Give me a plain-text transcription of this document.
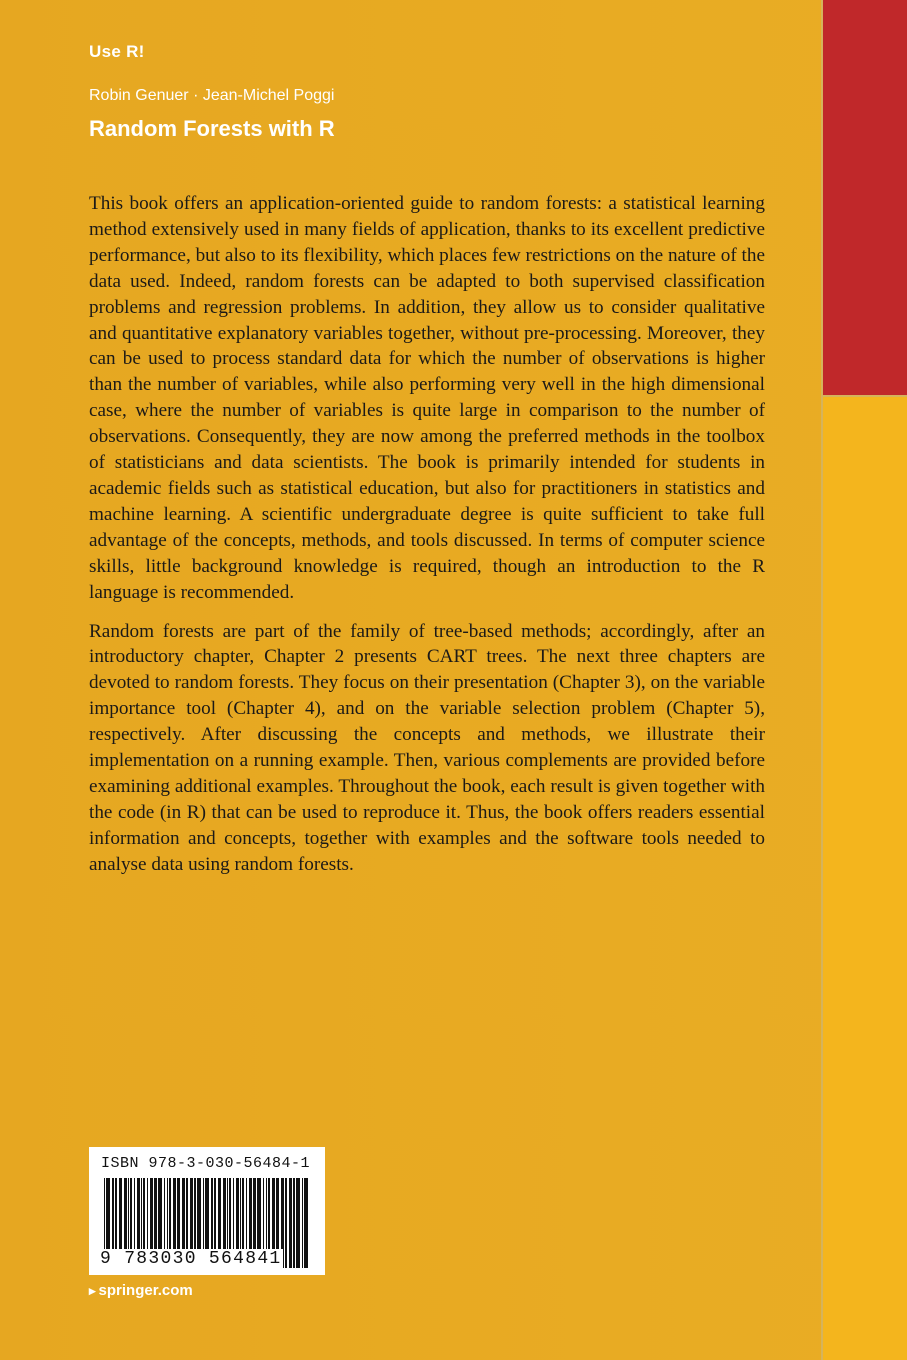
Use R!
Robin Genuer · Jean-Michel Poggi
Random Forests with R

This book offers an application-oriented guide to random forests: a statistical learning method extensively used in many fields of application, thanks to its excellent predictive performance, but also to its flexibility, which places few restrictions on the nature of the data used. Indeed, random forests can be adapted to both supervised classification problems and regression problems. In addition, they allow us to consider qualitative and quantitative explanatory variables together, without pre-processing. Moreover, they can be used to process standard data for which the number of observations is higher than the number of variables, while also performing very well in the high dimensional case, where the number of variables is quite large in comparison to the number of observations. Consequently, they are now among the preferred methods in the toolbox of statisticians and data scientists. The book is primarily intended for students in academic fields such as statistical education, but also for practitioners in statistics and machine learning. A scientific undergraduate degree is quite sufficient to take full advantage of the concepts, methods, and tools discussed. In terms of computer science skills, little background knowledge is required, though an introduction to the R language is recommended.

Random forests are part of the family of tree-based methods; accordingly, after an introductory chapter, Chapter 2 presents CART trees. The next three chapters are devoted to random forests. They focus on their presentation (Chapter 3), on the variable importance tool (Chapter 4), and on the variable selection problem (Chapter 5), respectively. After discussing the concepts and methods, we illustrate their implementation on a running example. Then, various complements are provided before examining additional examples. Throughout the book, each result is given together with the code (in R) that can be used to reproduce it. Thus, the book offers readers essential information and concepts, together with examples and the software tools needed to analyse data using random forests.

ISBN 978-3-030-56484-1
9 783030 564841
▸ springer.com
